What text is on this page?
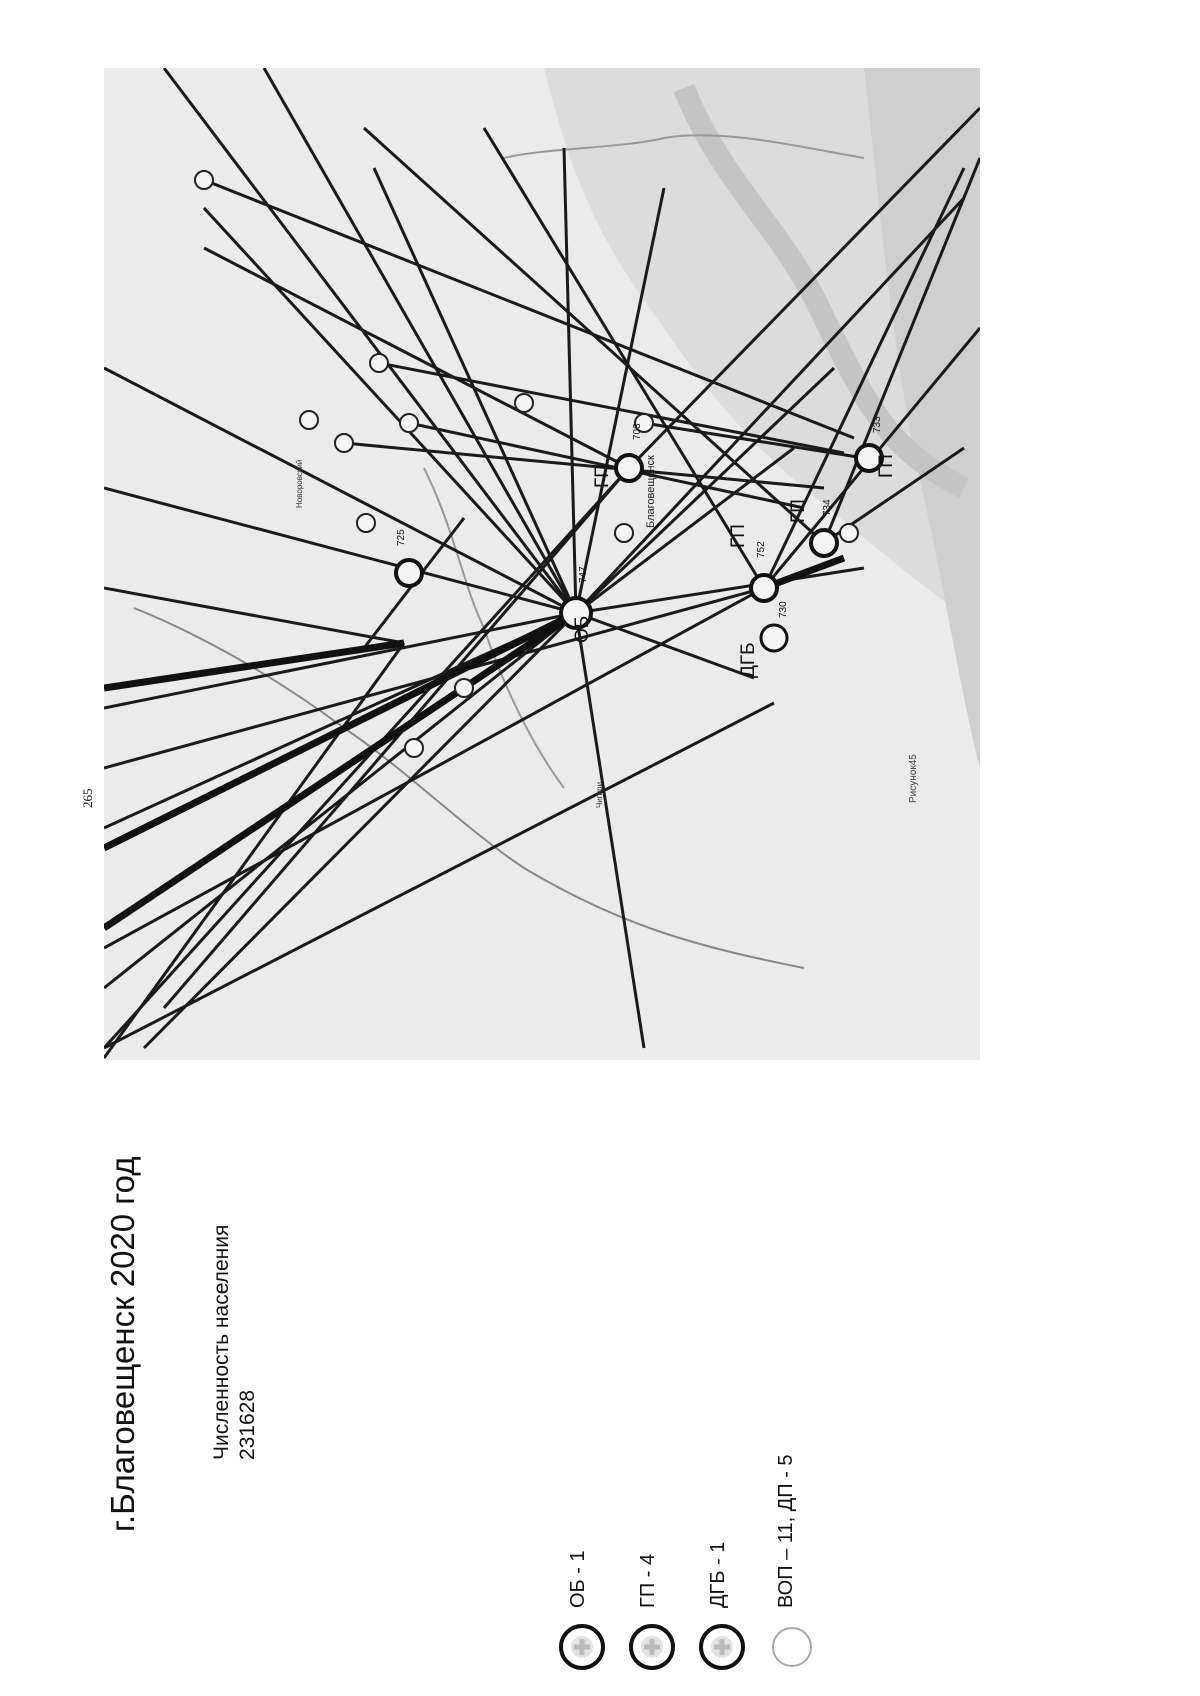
265
г.Благовещенск 2020 год	Численность населения 231628
ОБ - 1 ГП - 4 ДГБ - 1 ВОП – 11, ДП - 5
ОБ
ДГБ
ГП
ГП
ГП
ГП
747
725
730
752
734
703	733
Благовещенск
Чигири
Новоровский
Рисунок45
